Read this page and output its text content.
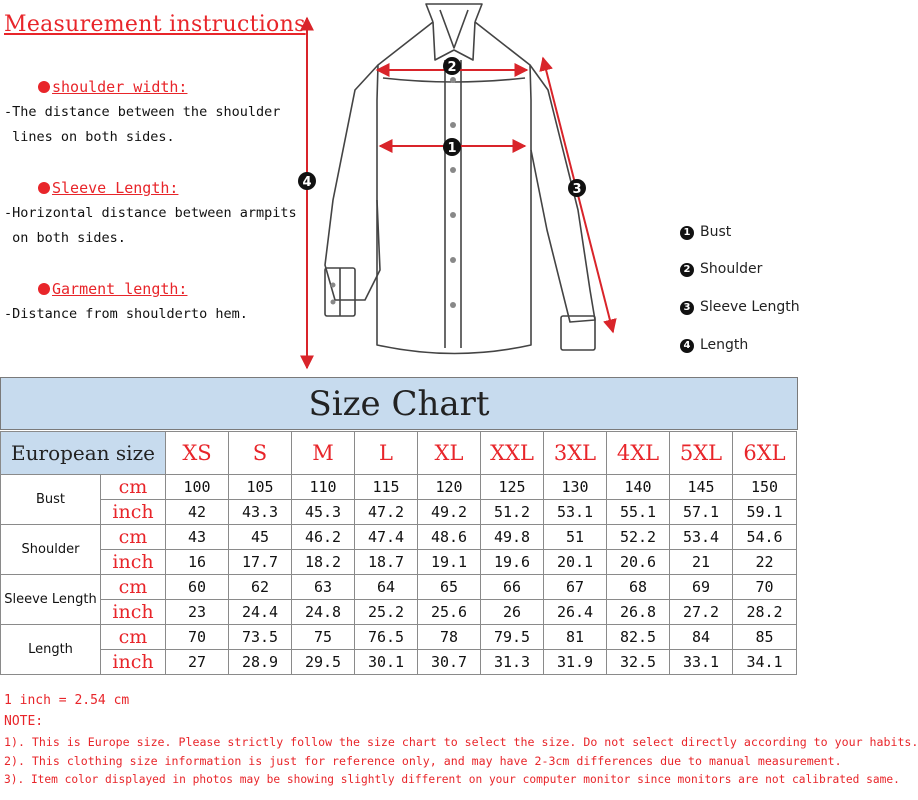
Measurement instructions
shoulder width:
-The distance between the shoulder
lines on both sides.
Sleeve Length:
-Horizontal distance between armpits
on both sides.
Garment length:
-Distance from shoulderto hem.
2
1
3
4
1 Bust
2 Shoulder
3 Sleeve Length
4 Length
Size Chart
European size		XS	S	M	L	XL	XXL	3XL	4XL	5XL	6XL
Bust	cm	100	105	110	115	120	125	130	140	145	150
	inch	42	43.3	45.3	47.2	49.2	51.2	53.1	55.1	57.1	59.1
Shoulder	cm	43	45	46.2	47.4	48.6	49.8	51	52.2	53.4	54.6
	inch	16	17.7	18.2	18.7	19.1	19.6	20.1	20.6	21	22
Sleeve Length	cm	60	62	63	64	65	66	67	68	69	70
	inch	23	24.4	24.8	25.2	25.6	26	26.4	26.8	27.2	28.2
Length	cm	70	73.5	75	76.5	78	79.5	81	82.5	84	85
	inch	27	28.9	29.5	30.1	30.7	31.3	31.9	32.5	33.1	34.1
1 inch = 2.54 cm
NOTE:
1). This is Europe size. Please strictly follow the size chart to select the size. Do not select directly according to your habits.
2). This clothing size information is just for reference only, and may have 2-3cm differences due to manual measurement.
3). Item color displayed in photos may be showing slightly different on your computer monitor since monitors are not calibrated same.
